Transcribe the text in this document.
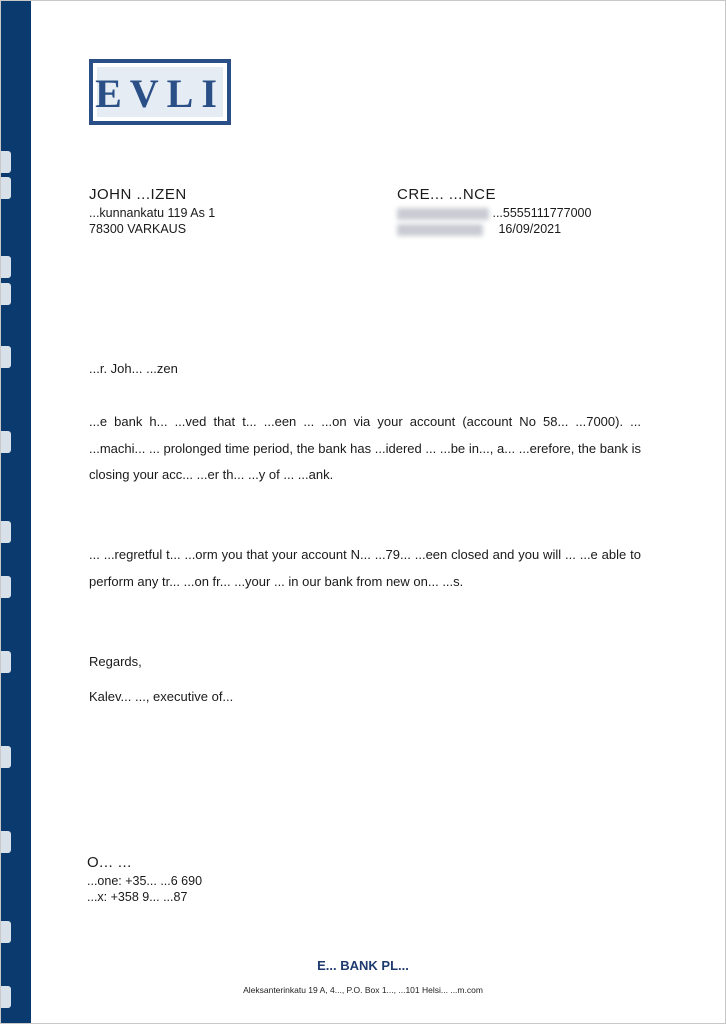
EVLI
JOHN ...IZEN
...kunnankatu 119 As 1
78300 VARKAUS
CRE... ...NCE
...5555111777000
16/09/2021
...r. Joh... ...zen
...e bank h... ...ved that t... ...een ... ...on via your account (account No 58... ...7000). ... ...machi... ... prolonged time period, the bank has ...idered ... ...be in..., a... ...erefore, the bank is closing your acc... ...er th... ...y of ... ...ank.
... ...regretful t... ...orm you that your account N... ...79... ...een closed and you will ... ...e able to perform any tr... ...on fr... ...your ... in our bank from new on... ...s.
Regards,
Kalev... ..., executive of...
O... ...
...one: +35... ...6 690
...x: +358 9... ...87
E... BANK PL...
Aleksanterinkatu 19 A, 4..., P.O. Box 1..., ...101 Helsi... ...m.com
